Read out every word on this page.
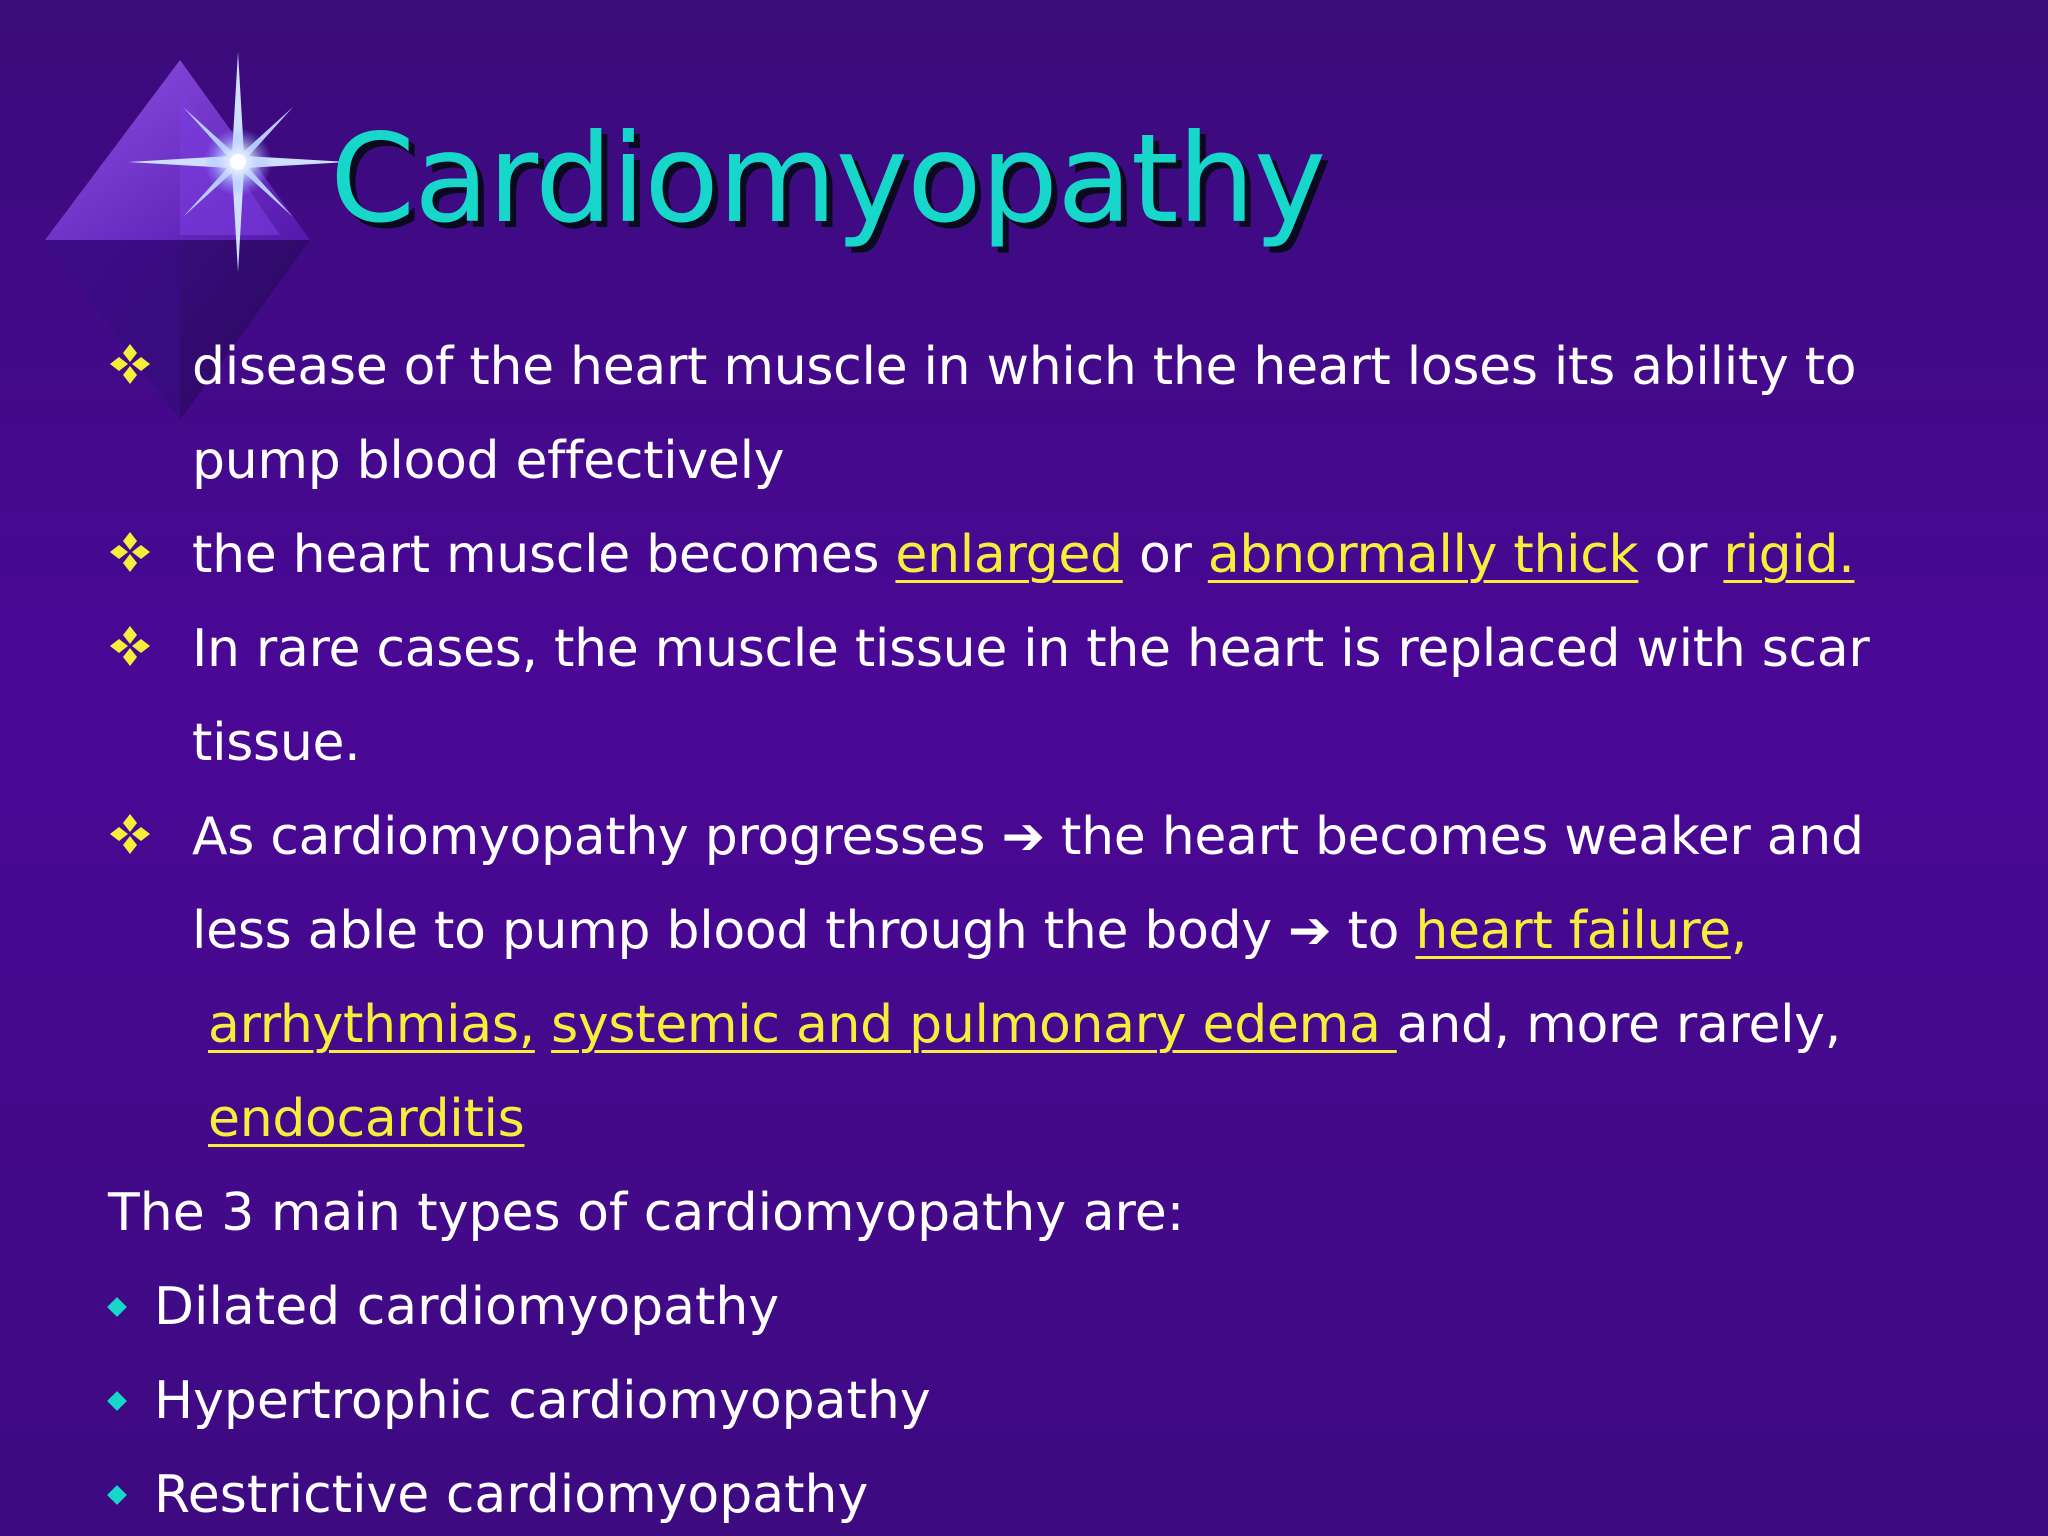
Cardiomyopathy
disease of the heart muscle in which the heart loses its ability to
pump blood effectively
the heart muscle becomes enlarged or abnormally thick or rigid.
In rare cases, the muscle tissue in the heart is replaced with scar
tissue.
As cardiomyopathy progresses ➔ the heart becomes weaker and
less able to pump blood through the body ➔ to heart failure,
arrhythmias, systemic and pulmonary edema and, more rarely, endocarditis

The 3 main types of cardiomyopathy are:

Dilated cardiomyopathy
Hypertrophic cardiomyopathy
Restrictive cardiomyopathy
